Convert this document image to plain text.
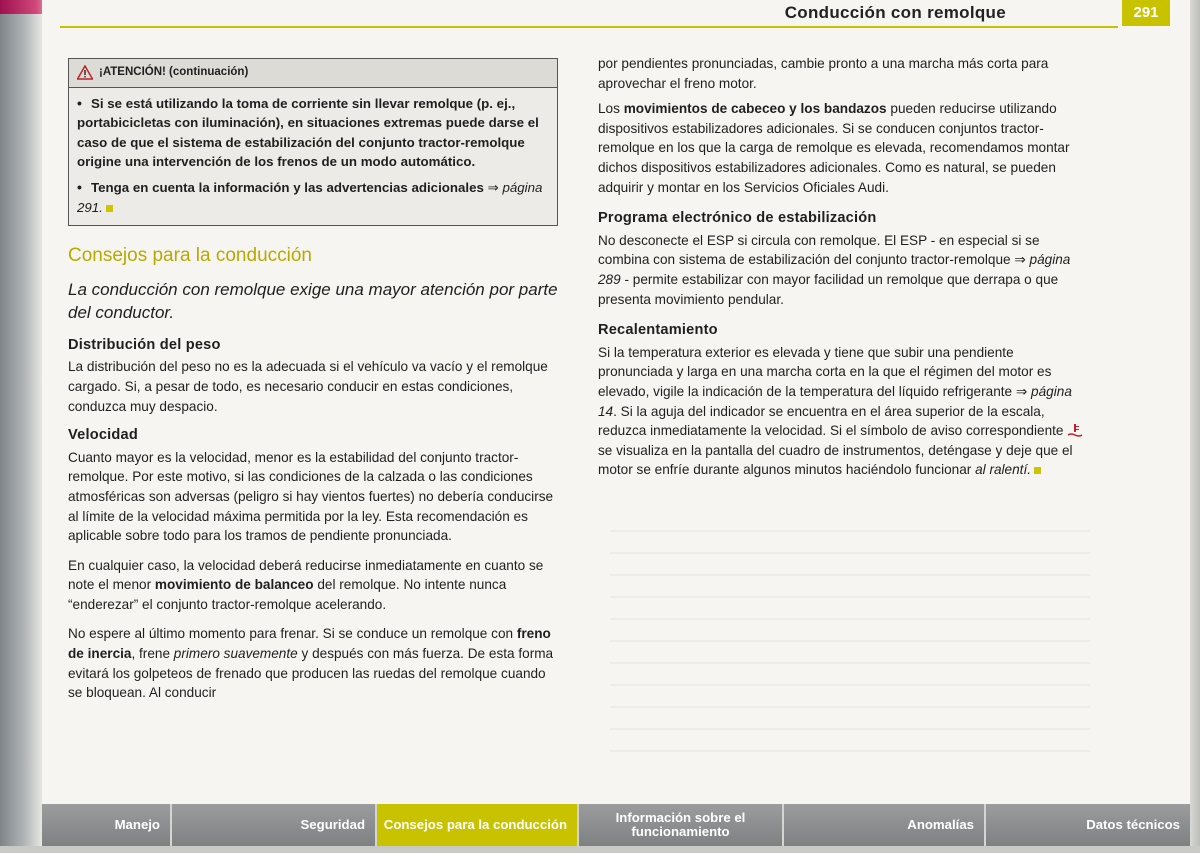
Conducción con remolque	291
¡ATENCIÓN! (continuación)

• Si se está utilizando la toma de corriente sin llevar remolque (p. ej., portabicicletas con iluminación), en situaciones extremas puede darse el caso de que el sistema de estabilización del conjunto tractor-remolque origine una intervención de los frenos de un modo automático.

• Tenga en cuenta la información y las advertencias adicionales ⇒ página 291.

Consejos para la conducción

La conducción con remolque exige una mayor atención por parte del conductor.

Distribución del peso

La distribución del peso no es la adecuada si el vehículo va vacío y el remolque cargado. Si, a pesar de todo, es necesario conducir en estas condiciones, conduzca muy despacio.

Velocidad

Cuanto mayor es la velocidad, menor es la estabilidad del conjunto tractor-remolque. Por este motivo, si las condiciones de la calzada o las condiciones atmosféricas son adversas (peligro si hay vientos fuertes) no debería conducirse al límite de la velocidad máxima permitida por la ley. Esta recomendación es aplicable sobre todo para los tramos de pendiente pronunciada.

En cualquier caso, la velocidad deberá reducirse inmediatamente en cuanto se note el menor movimiento de balanceo del remolque. No intente nunca “enderezar” el conjunto tractor-remolque acelerando.

No espere al último momento para frenar. Si se conduce un remolque con freno de inercia, frene primero suavemente y después con más fuerza. De esta forma evitará los golpeteos de frenado que producen las ruedas del remolque cuando se bloquean. Al conducir

por pendientes pronunciadas, cambie pronto a una marcha más corta para aprovechar el freno motor.

Los movimientos de cabeceo y los bandazos pueden reducirse utilizando dispositivos estabilizadores adicionales. Si se conducen conjuntos tractor-remolque en los que la carga de remolque es elevada, recomendamos montar dichos dispositivos estabilizadores adicionales. Como es natural, se pueden adquirir y montar en los Servicios Oficiales Audi.

Programa electrónico de estabilización

No desconecte el ESP si circula con remolque. El ESP - en especial si se combina con sistema de estabilización del conjunto tractor-remolque ⇒ página 289 - permite estabilizar con mayor facilidad un remolque que derrapa o que presenta movimiento pendular.

Recalentamiento

Si la temperatura exterior es elevada y tiene que subir una pendiente pronunciada y larga en una marcha corta en la que el régimen del motor es elevado, vigile la indicación de la temperatura del líquido refrigerante ⇒ página 14. Si la aguja del indicador se encuentra en el área superior de la escala, reduzca inmediatamente la velocidad. Si el símbolo de aviso correspondiente  se visualiza en la pantalla del cuadro de instrumentos, deténgase y deje que el motor se enfríe durante algunos minutos haciéndolo funcionar al ralentí.

Manejo	Seguridad	Consejos para la conducción	Información sobre el funcionamiento	Anomalías	Datos técnicos
